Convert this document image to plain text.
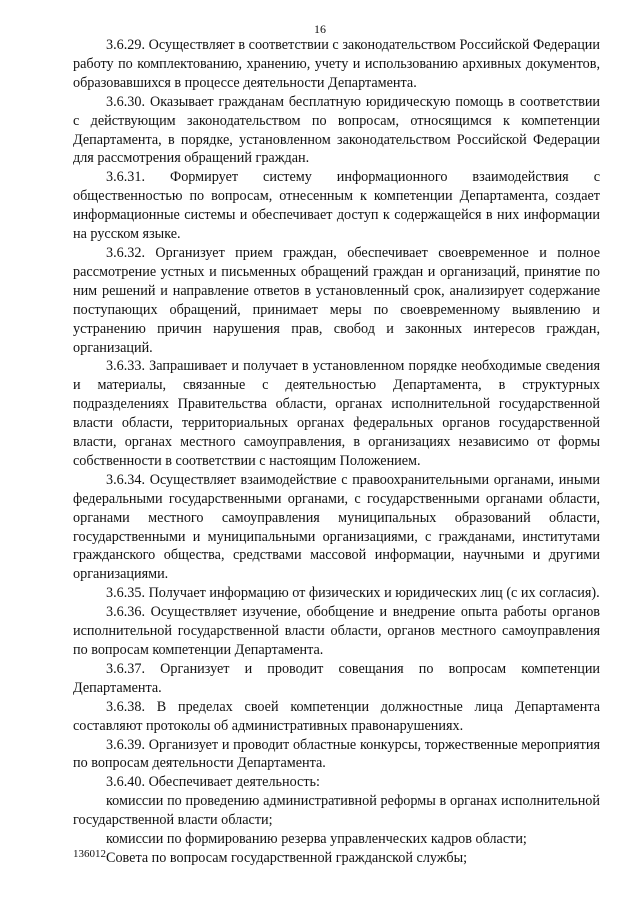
16

3.6.29. Осуществляет в соответствии с законодательством Российской Федерации работу по комплектованию, хранению, учету и использованию архивных документов, образовавшихся в процессе деятельности Департамента.

3.6.30. Оказывает гражданам бесплатную юридическую помощь в соответствии с действующим законодательством по вопросам, относящимся к компетенции Департамента, в порядке, установленном законодательством Российской Федерации для рассмотрения обращений граждан.

3.6.31. Формирует систему информационного взаимодействия с общественностью по вопросам, отнесенным к компетенции Департамента, создает информационные системы и обеспечивает доступ к содержащейся в них информации на русском языке.

3.6.32. Организует прием граждан, обеспечивает своевременное и полное рассмотрение устных и письменных обращений граждан и организаций, принятие по ним решений и направление ответов в установленный срок, анализирует содержание поступающих обращений, принимает меры по своевременному выявлению и устранению причин нарушения прав, свобод и законных интересов граждан, организаций.

3.6.33. Запрашивает и получает в установленном порядке необходимые сведения и материалы, связанные с деятельностью Департамента, в структурных подразделениях Правительства области, органах исполнительной государственной власти области, территориальных органах федеральных органов государственной власти, органах местного самоуправления, в организациях независимо от формы собственности в соответствии с настоящим Положением.

3.6.34. Осуществляет взаимодействие с правоохранительными органами, иными федеральными государственными органами, с государственными органами области, органами местного самоуправления муниципальных образований области, государственными и муниципальными организациями, с гражданами, институтами гражданского общества, средствами массовой информации, научными и другими организациями.

3.6.35. Получает информацию от физических и юридических лиц (с их согласия).

3.6.36. Осуществляет изучение, обобщение и внедрение опыта работы органов исполнительной государственной власти области, органов местного самоуправления по вопросам компетенции Департамента.

3.6.37. Организует и проводит совещания по вопросам компетенции Департамента.

3.6.38. В пределах своей компетенции должностные лица Департамента составляют протоколы об административных правонарушениях.

3.6.39. Организует и проводит областные конкурсы, торжественные мероприятия по вопросам деятельности Департамента.

3.6.40. Обеспечивает деятельность:

комиссии по проведению административной реформы в органах исполнительной государственной власти области;

комиссии по формированию резерва управленческих кадров области;

Совета по вопросам государственной гражданской службы;

136012
